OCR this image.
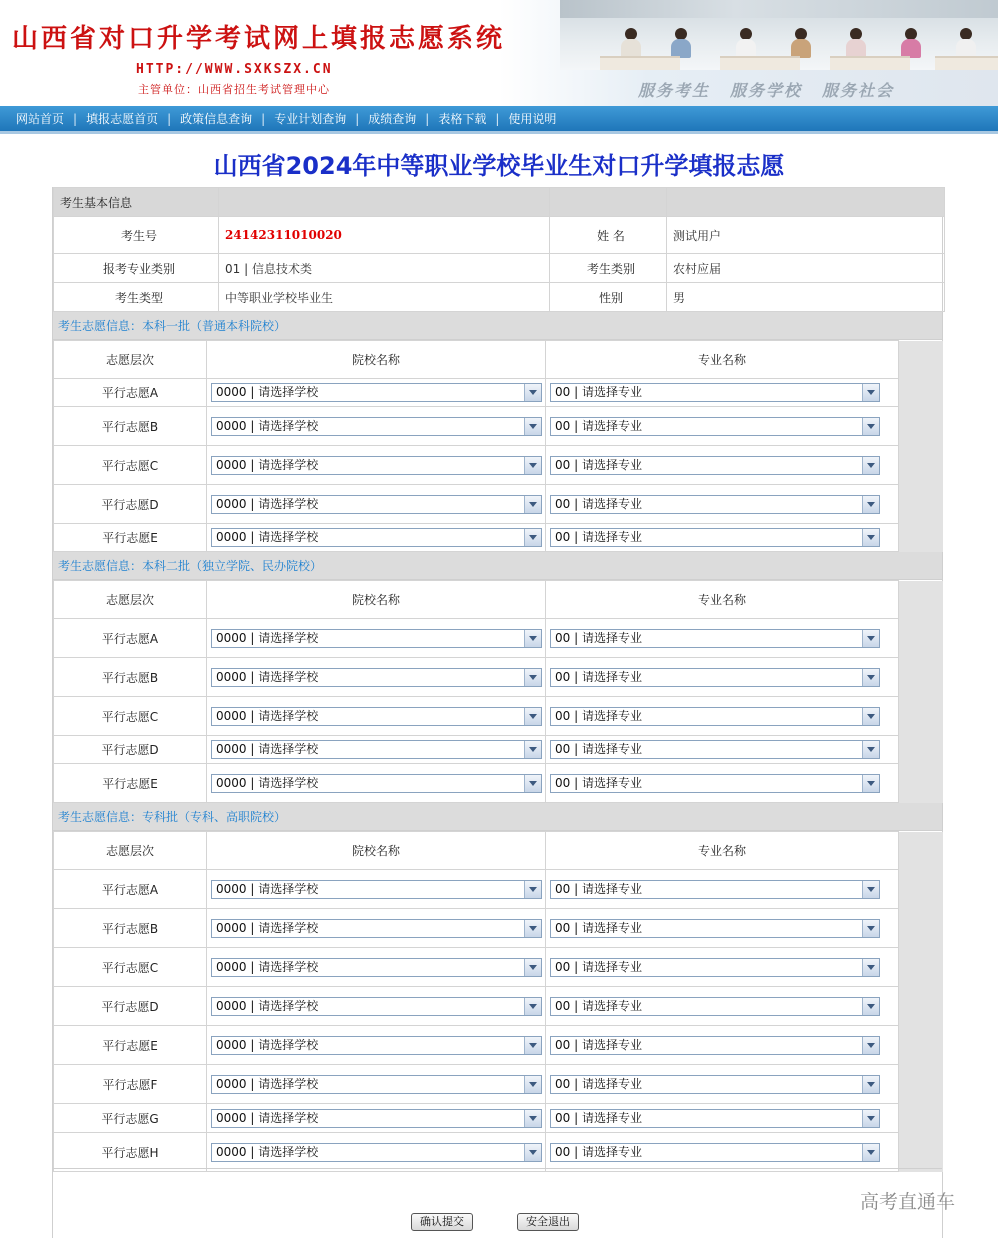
山西省对口升学考试网上填报志愿系统
HTTP://WWW.SXKSZX.CN
主管单位：山西省招生考试管理中心	服务考生 服务学校 服务社会
网站首页 | 填报志愿首页 | 政策信息查询 | 专业计划查询 | 成绩查询 | 表格下载 | 使用说明
山西省2024年中等职业学校毕业生对口升学填报志愿
考生基本信息			
考生号	24142311010020	姓 名	测试用户
报考专业类别	01 | 信息技术类	考生类别	农村应届
考生类型	中等职业学校毕业生	性别	男
考生志愿信息：本科一批（普通本科院校）
志愿层次	院校名称	专业名称	
平行志愿A	0000 | 请选择学校	00 | 请选择专业	

平行志愿B	0000 | 请选择学校	00 | 请选择专业	

平行志愿C	0000 | 请选择学校	00 | 请选择专业	

平行志愿D	0000 | 请选择学校	00 | 请选择专业	

平行志愿E	0000 | 请选择学校	00 | 请选择专业	

考生志愿信息：本科二批（独立学院、民办院校）
志愿层次	院校名称	专业名称	
平行志愿A	0000 | 请选择学校	00 | 请选择专业	

平行志愿B	0000 | 请选择学校	00 | 请选择专业	

平行志愿C	0000 | 请选择学校	00 | 请选择专业	

平行志愿D	0000 | 请选择学校	00 | 请选择专业	

平行志愿E	0000 | 请选择学校	00 | 请选择专业	

考生志愿信息：专科批（专科、高职院校）
志愿层次	院校名称	专业名称	
平行志愿A	0000 | 请选择学校	00 | 请选择专业	

平行志愿B	0000 | 请选择学校	00 | 请选择专业	

平行志愿C	0000 | 请选择学校	00 | 请选择专业	

平行志愿D	0000 | 请选择学校	00 | 请选择专业	

平行志愿E	0000 | 请选择学校	00 | 请选择专业	

平行志愿F	0000 | 请选择学校	00 | 请选择专业	

平行志愿G	0000 | 请选择学校	00 | 请选择专业	

平行志愿H	0000 | 请选择学校	00 | 请选择专业	

确认提交	安全退出
高考直通车
